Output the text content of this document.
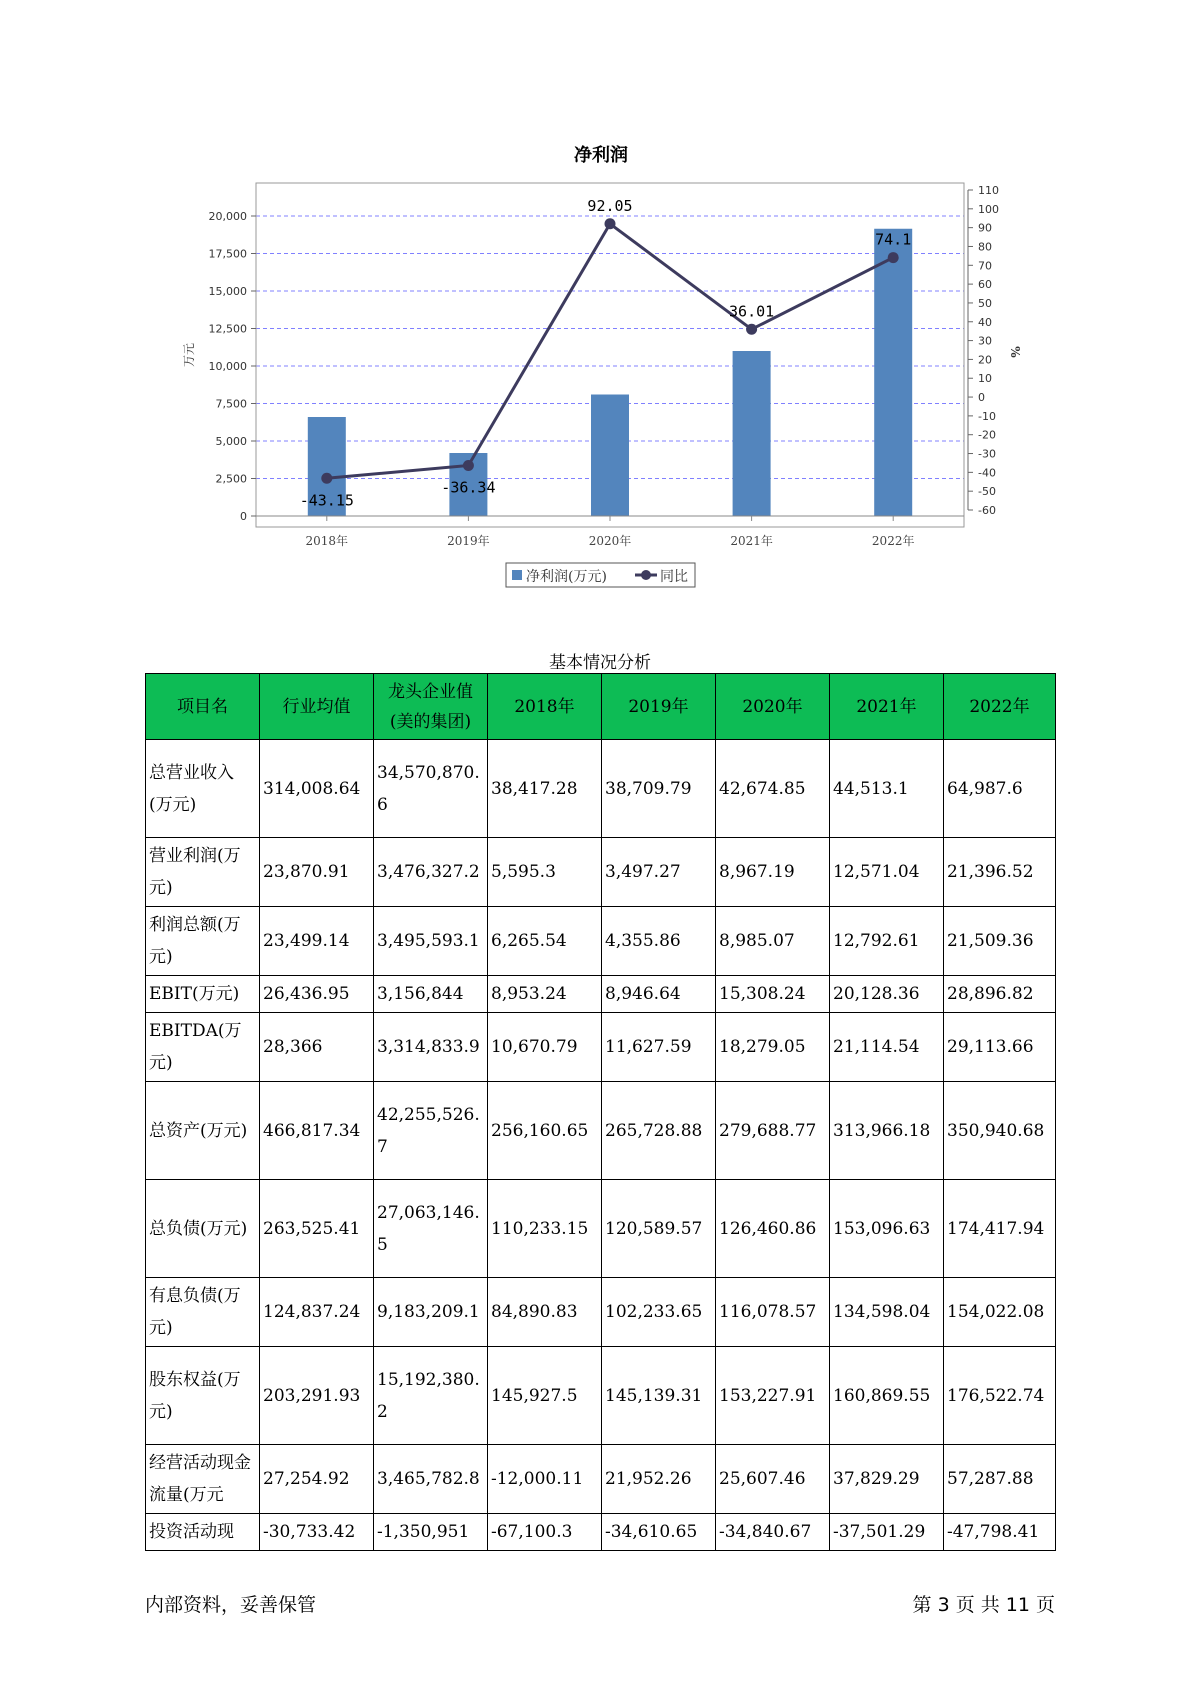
净利润
-43.15
-36.34
92.05
36.01
74.1
0
2,500
5,000
7,500
10,000
12,500
15,000
17,500
20,000
-60
-50
-40
-30
-20
-10
0
10
20
30
40
50
60
70
80
90
100
110
2018年	2019年	2020年	2021年	2022年
万元	%
净利润(万元)	同比
基本情况分析
项目名	行业均值	龙头企业值(美的集团)	2018年	2019年	2020年	2021年	2022年
总营业收入(万元)	314,008.64	34,570,870.6	38,417.28	38,709.79	42,674.85	44,513.1	64,987.6
营业利润(万元)	23,870.91	3,476,327.2	5,595.3	3,497.27	8,967.19	12,571.04	21,396.52
利润总额(万元)	23,499.14	3,495,593.1	6,265.54	4,355.86	8,985.07	12,792.61	21,509.36
EBIT(万元)	26,436.95	3,156,844	8,953.24	8,946.64	15,308.24	20,128.36	28,896.82
EBITDA(万元)	28,366	3,314,833.9	10,670.79	11,627.59	18,279.05	21,114.54	29,113.66
总资产(万元)	466,817.34	42,255,526.7	256,160.65	265,728.88	279,688.77	313,966.18	350,940.68
总负债(万元)	263,525.41	27,063,146.5	110,233.15	120,589.57	126,460.86	153,096.63	174,417.94
有息负债(万元)	124,837.24	9,183,209.1	84,890.83	102,233.65	116,078.57	134,598.04	154,022.08
股东权益(万元)	203,291.93	15,192,380.2	145,927.5	145,139.31	153,227.91	160,869.55	176,522.74
经营活动现金流量(万元	27,254.92	3,465,782.8	-12,000.11	21,952.26	25,607.46	37,829.29	57,287.88
投资活动现	-30,733.42	-1,350,951	-67,100.3	-34,610.65	-34,840.67	-37,501.29	-47,798.41
内部资料，妥善保管	第 3 页 共 11 页
